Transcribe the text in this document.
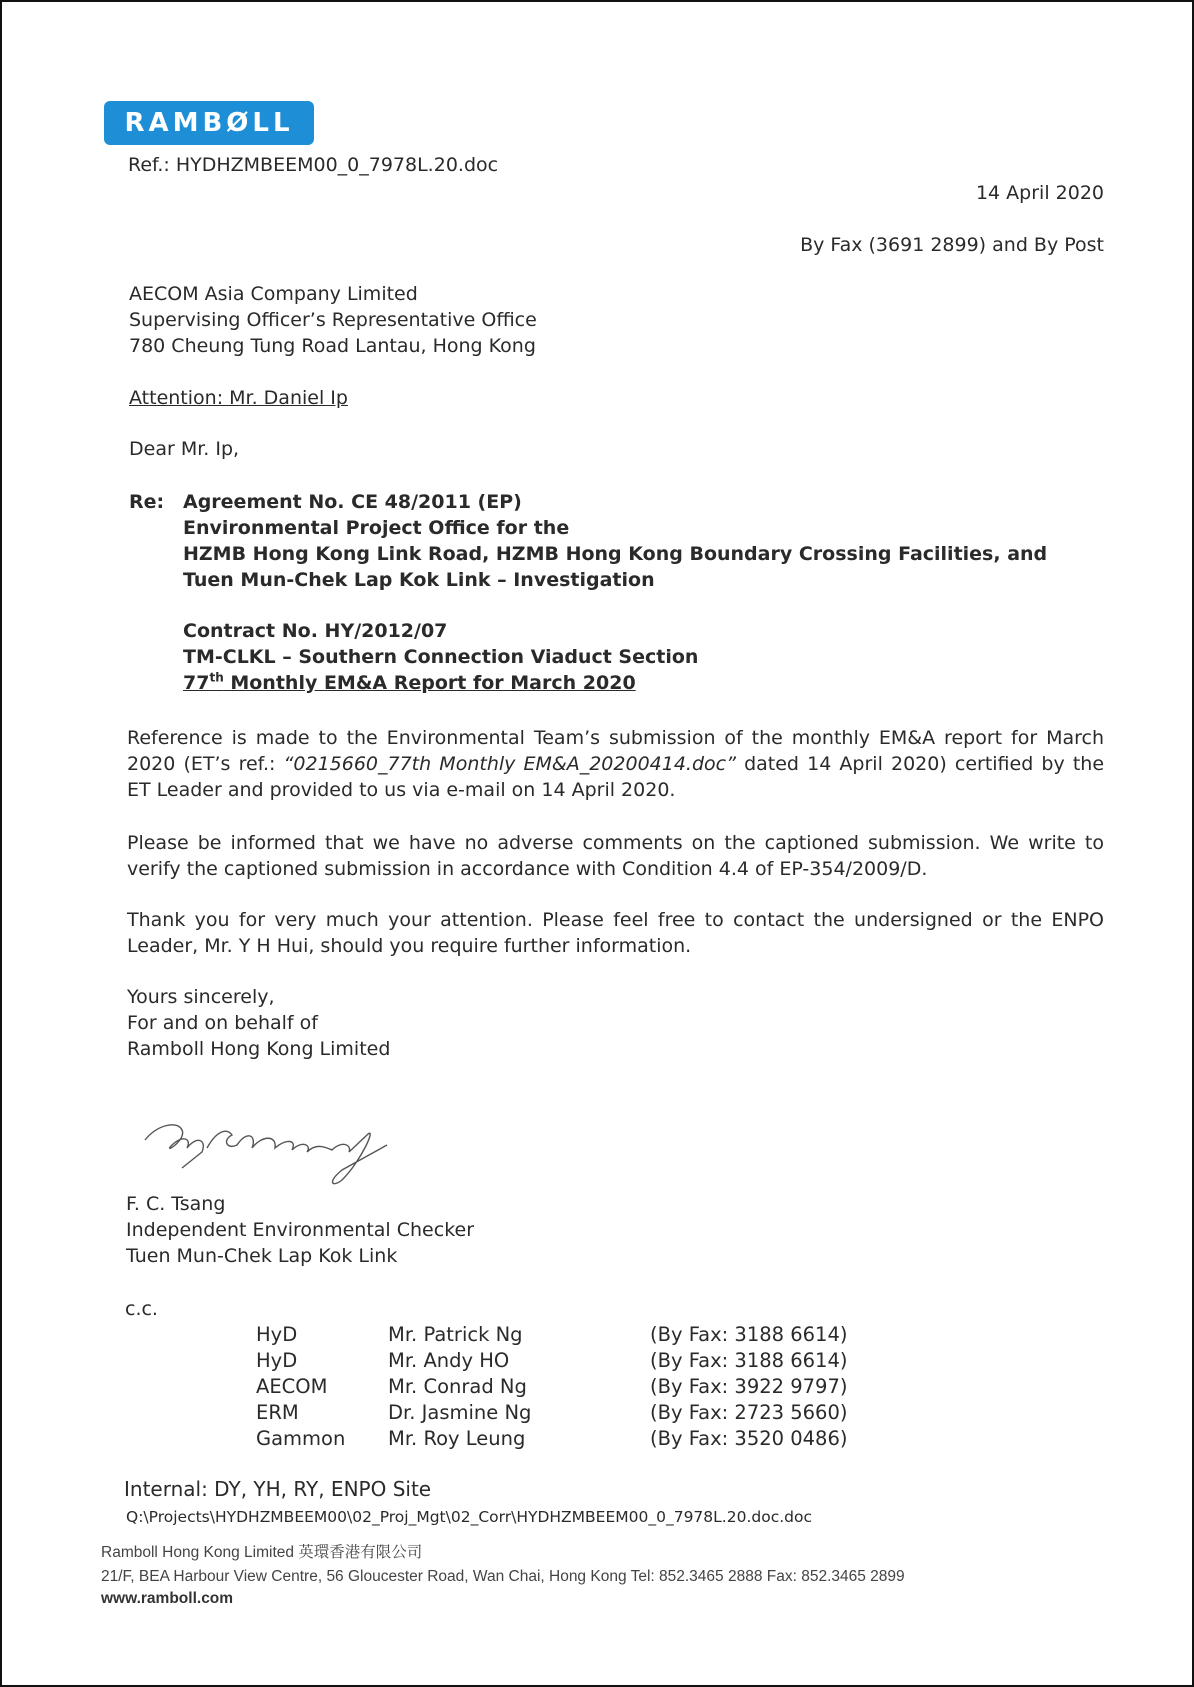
RAMBØLL
Ref.: HYDHZMBEEM00_0_7978L.20.doc
14 April 2020
By Fax (3691 2899) and By Post
AECOM Asia Company Limited
Supervising Officer’s Representative Office
780 Cheung Tung Road Lantau, Hong Kong
Attention: Mr. Daniel Ip
Dear Mr. Ip,
Re: Agreement No. CE 48/2011 (EP)
Environmental Project Office for the
HZMB Hong Kong Link Road, HZMB Hong Kong Boundary Crossing Facilities, and
Tuen Mun-Chek Lap Kok Link – Investigation
Contract No. HY/2012/07
TM-CLKL – Southern Connection Viaduct Section
77th Monthly EM&A Report for March 2020
Reference is made to the Environmental Team’s submission of the monthly EM&A report for March 2020 (ET’s ref.: “0215660_77th Monthly EM&A_20200414.doc” dated 14 April 2020) certified by the ET Leader and provided to us via e-mail on 14 April 2020.
Please be informed that we have no adverse comments on the captioned submission. We write to verify the captioned submission in accordance with Condition 4.4 of EP-354/2009/D.
Thank you for very much your attention. Please feel free to contact the undersigned or the ENPO Leader, Mr. Y H Hui, should you require further information.
Yours sincerely,
For and on behalf of
Ramboll Hong Kong Limited
F. C. Tsang
Independent Environmental Checker
Tuen Mun-Chek Lap Kok Link
c.c.
HyD	Mr. Patrick Ng	(By Fax: 3188 6614)
HyD	Mr. Andy HO	(By Fax: 3188 6614)
AECOM	Mr. Conrad Ng	(By Fax: 3922 9797)
ERM	Dr. Jasmine Ng	(By Fax: 2723 5660)
Gammon	Mr. Roy Leung	(By Fax: 3520 0486)
Internal: DY, YH, RY, ENPO Site
Q:\Projects\HYDHZMBEEM00\02_Proj_Mgt\02_Corr\HYDHZMBEEM00_0_7978L.20.doc.doc
Ramboll Hong Kong Limited 英環香港有限公司
21/F, BEA Harbour View Centre, 56 Gloucester Road, Wan Chai, Hong Kong Tel: 852.3465 2888 Fax: 852.3465 2899
www.ramboll.com
